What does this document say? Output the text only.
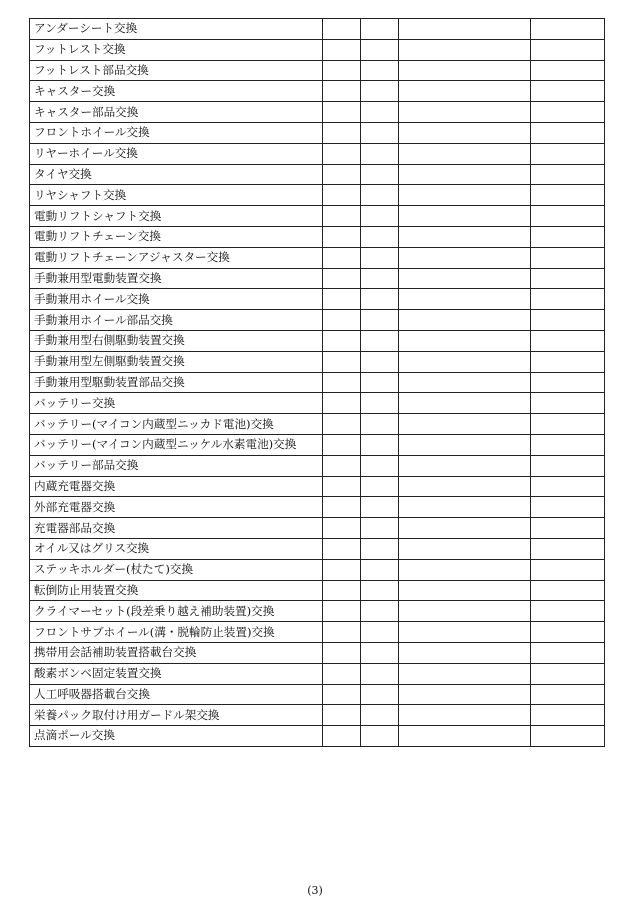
アンダーシート交換				
フットレスト交換				
フットレスト部品交換				
キャスター交換				
キャスター部品交換				
フロントホイール交換				
リヤーホイール交換				
タイヤ交換				
リヤシャフト交換				
電動リフトシャフト交換				
電動リフトチェーン交換				
電動リフトチェーンアジャスター交換				
手動兼用型電動装置交換				
手動兼用ホイール交換				
手動兼用ホイール部品交換				
手動兼用型右側駆動装置交換				
手動兼用型左側駆動装置交換				
手動兼用型駆動装置部品交換				
バッテリー交換				
バッテリー(マイコン内蔵型ニッカド電池)交換				
バッテリー(マイコン内蔵型ニッケル水素電池)交換				
バッテリー部品交換				
内蔵充電器交換				
外部充電器交換				
充電器部品交換				
オイル又はグリス交換				
ステッキホルダー(杖たて)交換				
転倒防止用装置交換				
クライマーセット(段差乗り越え補助装置)交換				
フロントサブホイール(溝・脱輪防止装置)交換				
携帯用会話補助装置搭載台交換				
酸素ボンベ固定装置交換				
人工呼吸器搭載台交換				
栄養パック取付け用ガードル架交換				
点滴ポール交換				
(3)
